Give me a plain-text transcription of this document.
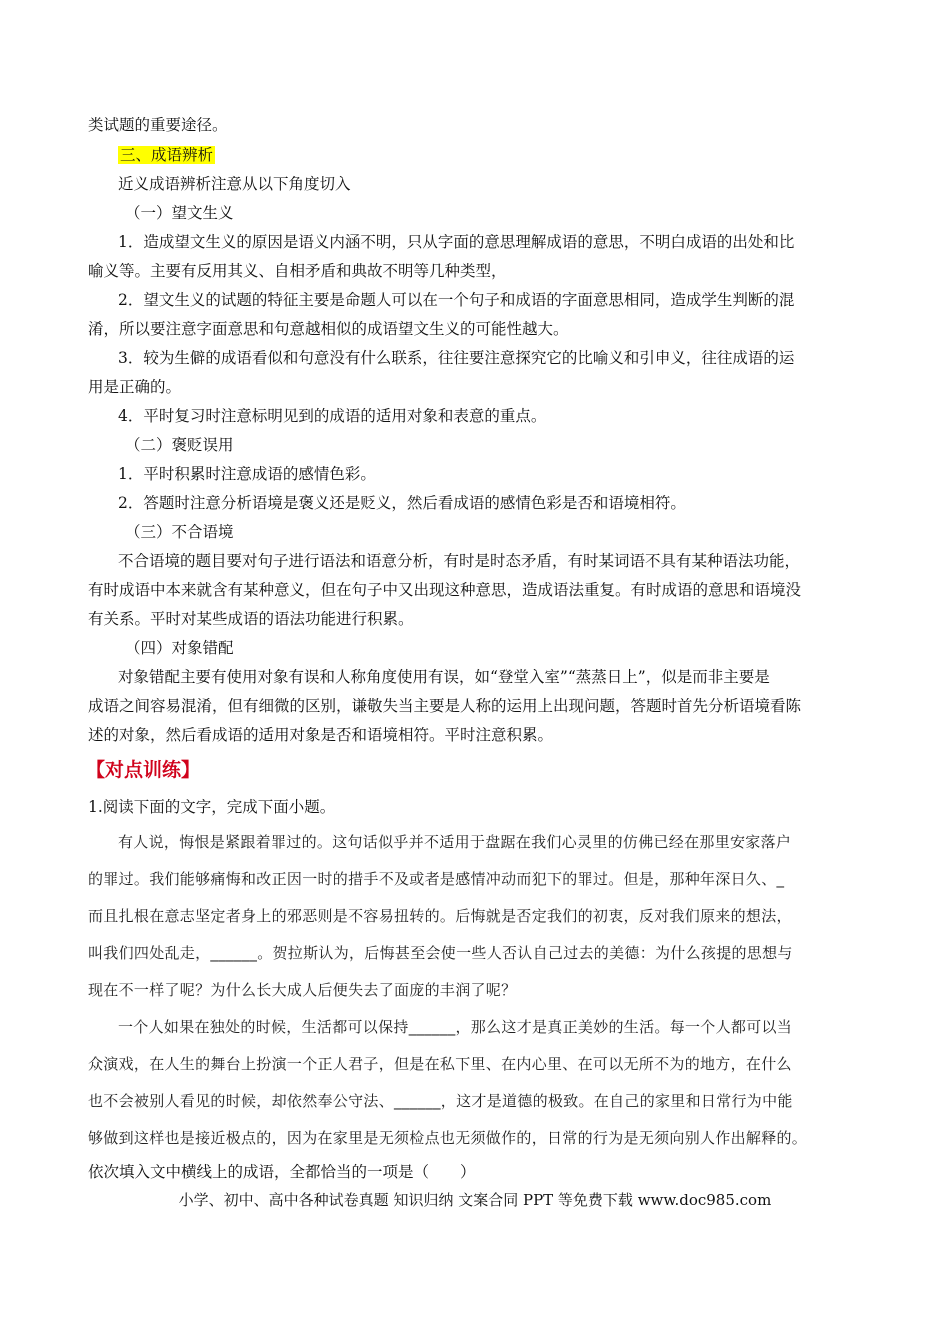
类试题的重要途径。
三、成语辨析
近义成语辨析注意从以下角度切入
（一）望文生义
1．造成望文生义的原因是语义内涵不明，只从字面的意思理解成语的意思，不明白成语的出处和比
喻义等。主要有反用其义、自相矛盾和典故不明等几种类型，
2．望文生义的试题的特征主要是命题人可以在一个句子和成语的字面意思相同，造成学生判断的混
淆，所以要注意字面意思和句意越相似的成语望文生义的可能性越大。
3．较为生僻的成语看似和句意没有什么联系，往往要注意探究它的比喻义和引申义，往往成语的运
用是正确的。
4．平时复习时注意标明见到的成语的适用对象和表意的重点。
（二）褒贬误用
1．平时积累时注意成语的感情色彩。
2．答题时注意分析语境是褒义还是贬义，然后看成语的感情色彩是否和语境相符。
（三）不合语境
不合语境的题目要对句子进行语法和语意分析，有时是时态矛盾，有时某词语不具有某种语法功能，
有时成语中本来就含有某种意义，但在句子中又出现这种意思，造成语法重复。有时成语的意思和语境没
有关系。平时对某些成语的语法功能进行积累。
（四）对象错配
对象错配主要有使用对象有误和人称角度使用有误，如“登堂入室”“蒸蒸日上”，似是而非主要是
成语之间容易混淆，但有细微的区别，谦敬失当主要是人称的运用上出现问题，答题时首先分析语境看陈
述的对象，然后看成语的适用对象是否和语境相符。平时注意积累。
【对点训练】
1.阅读下面的文字，完成下面小题。
有人说，悔恨是紧跟着罪过的。这句话似乎并不适用于盘踞在我们心灵里的仿佛已经在那里安家落户
的罪过。我们能够痛悔和改正因一时的措手不及或者是感情冲动而犯下的罪过。但是，那种年深日久、_
而且扎根在意志坚定者身上的邪恶则是不容易扭转的。后悔就是否定我们的初衷，反对我们原来的想法，
叫我们四处乱走，______。贺拉斯认为，后悔甚至会使一些人否认自己过去的美德：为什么孩提的思想与
现在不一样了呢？为什么长大成人后便失去了面庞的丰润了呢？
一个人如果在独处的时候，生活都可以保持______，那么这才是真正美妙的生活。每一个人都可以当
众演戏，在人生的舞台上扮演一个正人君子，但是在私下里、在内心里、在可以无所不为的地方，在什么
也不会被别人看见的时候，却依然奉公守法、______，这才是道德的极致。在自己的家里和日常行为中能
够做到这样也是接近极点的，因为在家里是无须检点也无须做作的，日常的行为是无须向别人作出解释的。
依次填入文中横线上的成语，全都恰当的一项是（　　）
小学、初中、高中各种试卷真题 知识归纳 文案合同 PPT 等免费下载 www.doc985.com
